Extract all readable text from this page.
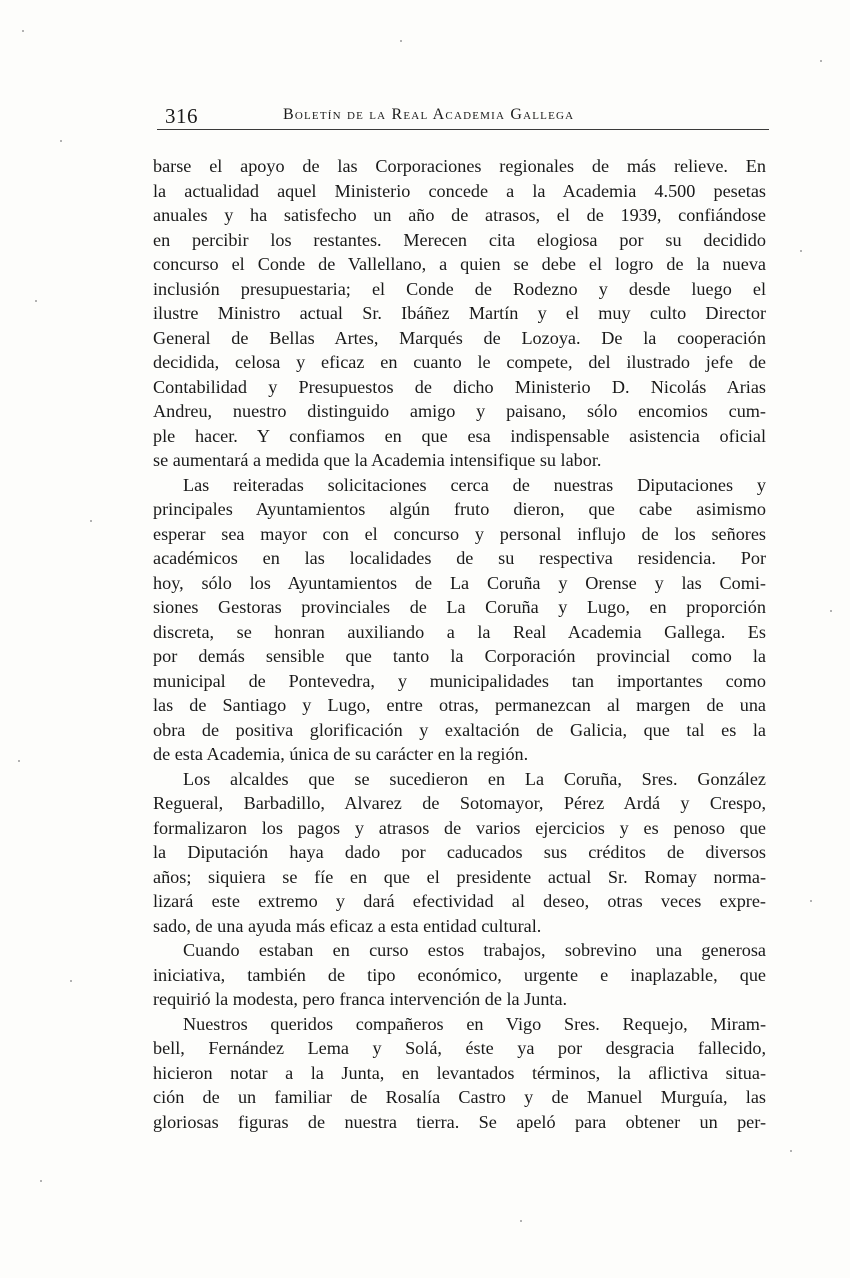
316	Boletín de la Real Academia Gallega
barse el apoyo de las Corporaciones regionales de más relieve. En
la actualidad aquel Ministerio concede a la Academia 4.500 pesetas
anuales y ha satisfecho un año de atrasos, el de 1939, confiándose
en percibir los restantes. Merecen cita elogiosa por su decidido
concurso el Conde de Vallellano, a quien se debe el logro de la nueva
inclusión presupuestaria; el Conde de Rodezno y desde luego el
ilustre Ministro actual Sr. Ibáñez Martín y el muy culto Director
General de Bellas Artes, Marqués de Lozoya. De la cooperación
decidida, celosa y eficaz en cuanto le compete, del ilustrado jefe de
Contabilidad y Presupuestos de dicho Ministerio D. Nicolás Arias
Andreu, nuestro distinguido amigo y paisano, sólo encomios cum-
ple hacer. Y confiamos en que esa indispensable asistencia oficial
se aumentará a medida que la Academia intensifique su labor.
Las reiteradas solicitaciones cerca de nuestras Diputaciones y
principales Ayuntamientos algún fruto dieron, que cabe asimismo
esperar sea mayor con el concurso y personal influjo de los señores
académicos en las localidades de su respectiva residencia. Por
hoy, sólo los Ayuntamientos de La Coruña y Orense y las Comi-
siones Gestoras provinciales de La Coruña y Lugo, en proporción
discreta, se honran auxiliando a la Real Academia Gallega. Es
por demás sensible que tanto la Corporación provincial como la
municipal de Pontevedra, y municipalidades tan importantes como
las de Santiago y Lugo, entre otras, permanezcan al margen de una
obra de positiva glorificación y exaltación de Galicia, que tal es la
de esta Academia, única de su carácter en la región.
Los alcaldes que se sucedieron en La Coruña, Sres. González
Regueral, Barbadillo, Alvarez de Sotomayor, Pérez Ardá y Crespo,
formalizaron los pagos y atrasos de varios ejercicios y es penoso que
la Diputación haya dado por caducados sus créditos de diversos
años; siquiera se fíe en que el presidente actual Sr. Romay norma-
lizará este extremo y dará efectividad al deseo, otras veces expre-
sado, de una ayuda más eficaz a esta entidad cultural.
Cuando estaban en curso estos trabajos, sobrevino una generosa
iniciativa, también de tipo económico, urgente e inaplazable, que
requirió la modesta, pero franca intervención de la Junta.
Nuestros queridos compañeros en Vigo Sres. Requejo, Miram-
bell, Fernández Lema y Solá, éste ya por desgracia fallecido,
hicieron notar a la Junta, en levantados términos, la aflictiva situa-
ción de un familiar de Rosalía Castro y de Manuel Murguía, las
gloriosas figuras de nuestra tierra. Se apeló para obtener un per-
